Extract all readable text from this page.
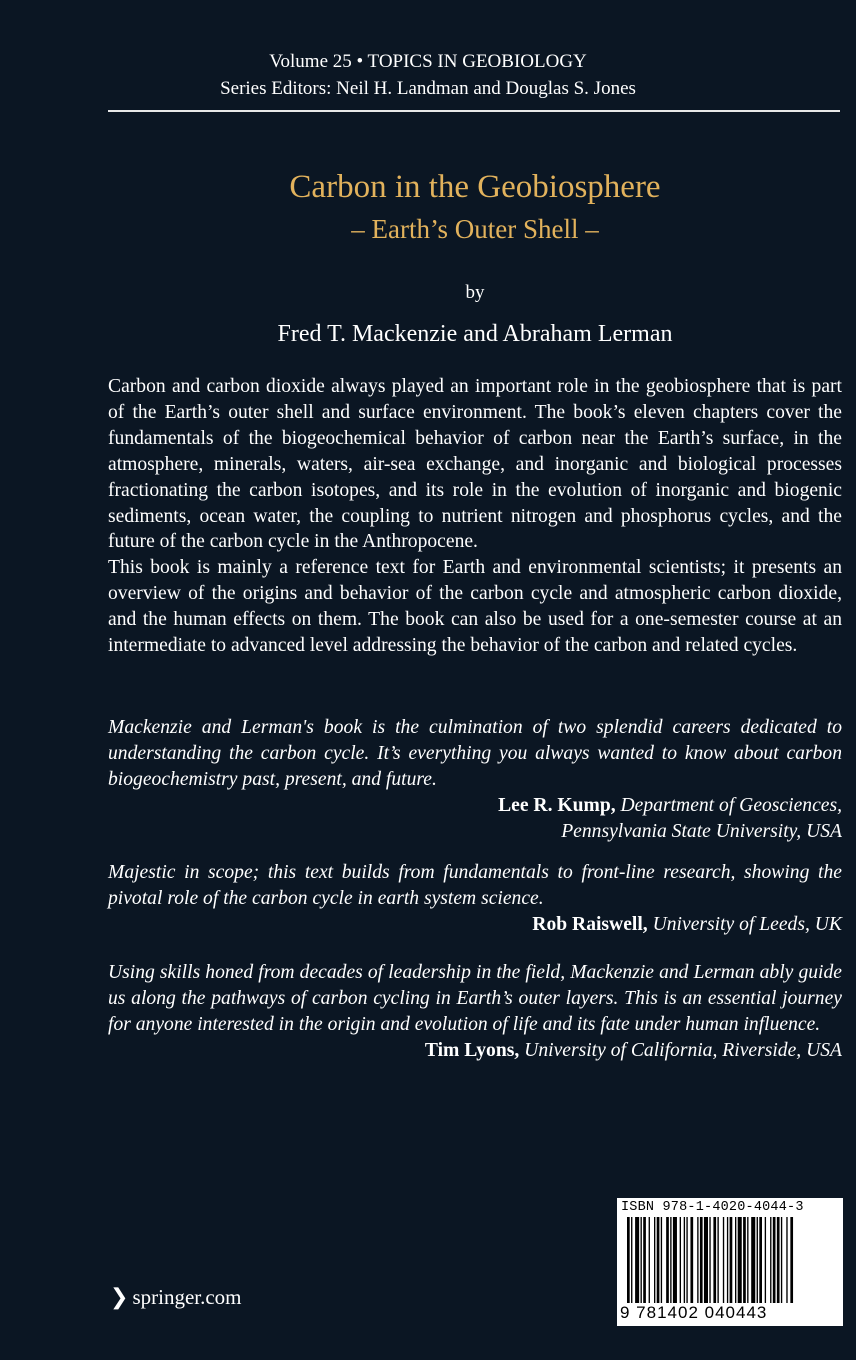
Volume 25 • TOPICS IN GEOBIOLOGY
Series Editors: Neil H. Landman and Douglas S. Jones
Carbon in the Geobiosphere
– Earth’s Outer Shell –
by
Fred T. Mackenzie and Abraham Lerman

Carbon and carbon dioxide always played an important role in the geobiosphere that is part of the Earth’s outer shell and surface environment. The book’s eleven chapters cover the fundamentals of the biogeochemical behavior of carbon near the Earth’s surface, in the atmosphere, minerals, waters, air-sea exchange, and inorganic and biological processes fractionating the carbon isotopes, and its role in the evolution of inorganic and biogenic sediments, ocean water, the coupling to nutrient nitrogen and phosphorus cycles, and the future of the carbon cycle in the Anthropocene.

This book is mainly a reference text for Earth and environmental scientists; it presents an overview of the origins and behavior of the carbon cycle and atmospheric carbon dioxide, and the human effects on them. The book can also be used for a one-semester course at an intermediate to advanced level addressing the behavior of the carbon and related cycles.

Mackenzie and Lerman's book is the culmination of two splendid careers dedicated to understanding the carbon cycle. It’s everything you always wanted to know about carbon biogeochemistry past, present, and future.
Lee R. Kump, Department of Geosciences,
Pennsylvania State University, USA
Majestic in scope; this text builds from fundamentals to front-line research, showing the pivotal role of the carbon cycle in earth system science.
Rob Raiswell, University of Leeds, UK
Using skills honed from decades of leadership in the field, Mackenzie and Lerman ably guide us along the pathways of carbon cycling in Earth’s outer layers. This is an essential journey for anyone interested in the origin and evolution of life and its fate under human influence.
Tim Lyons, University of California, Riverside, USA
❯ springer.com
ISBN 978-1-4020-4044-3
9 781402 040443
